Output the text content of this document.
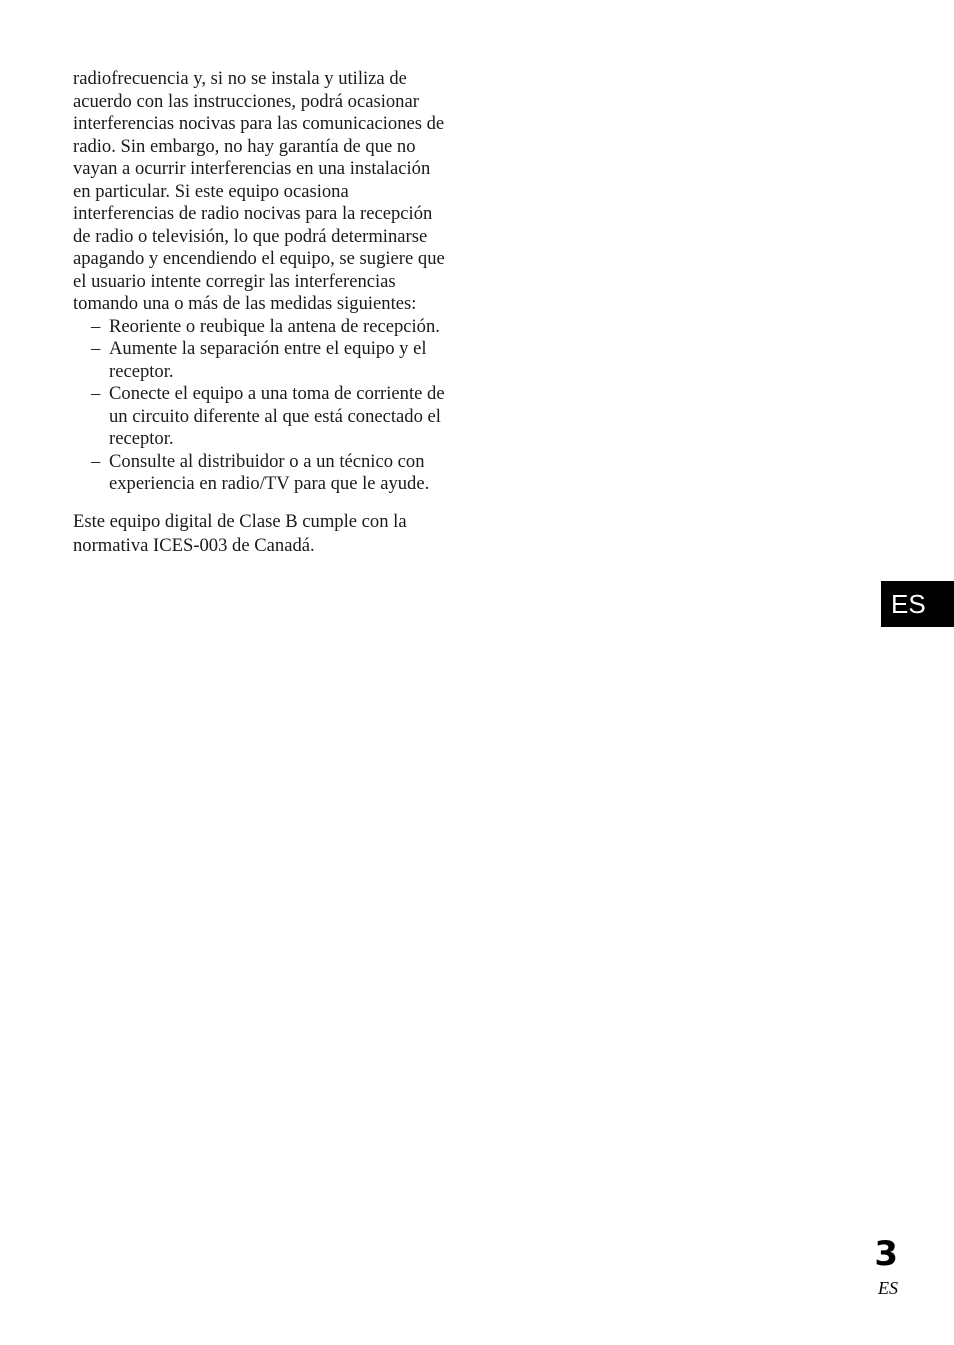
radiofrecuencia y, si no se instala y utiliza de acuerdo con las instrucciones, podrá ocasionar interferencias nocivas para las comunicaciones de radio. Sin embargo, no hay garantía de que no vayan a ocurrir interferencias en una instalación en particular. Si este equipo ocasiona interferencias de radio nocivas para la recepción de radio o televisión, lo que podrá determinarse apagando y encendiendo el equipo, se sugiere que el usuario intente corregir las interferencias tomando una o más de las medidas siguientes:

– Reoriente o reubique la antena de recepción.
– Aumente la separación entre el equipo y el receptor.
– Conecte el equipo a una toma de corriente de un circuito diferente al que está conectado el receptor.
– Consulte al distribuidor o a un técnico con experiencia en radio/TV para que le ayude.

Este equipo digital de Clase B cumple con la normativa ICES-003 de Canadá.

ES
3
ES
